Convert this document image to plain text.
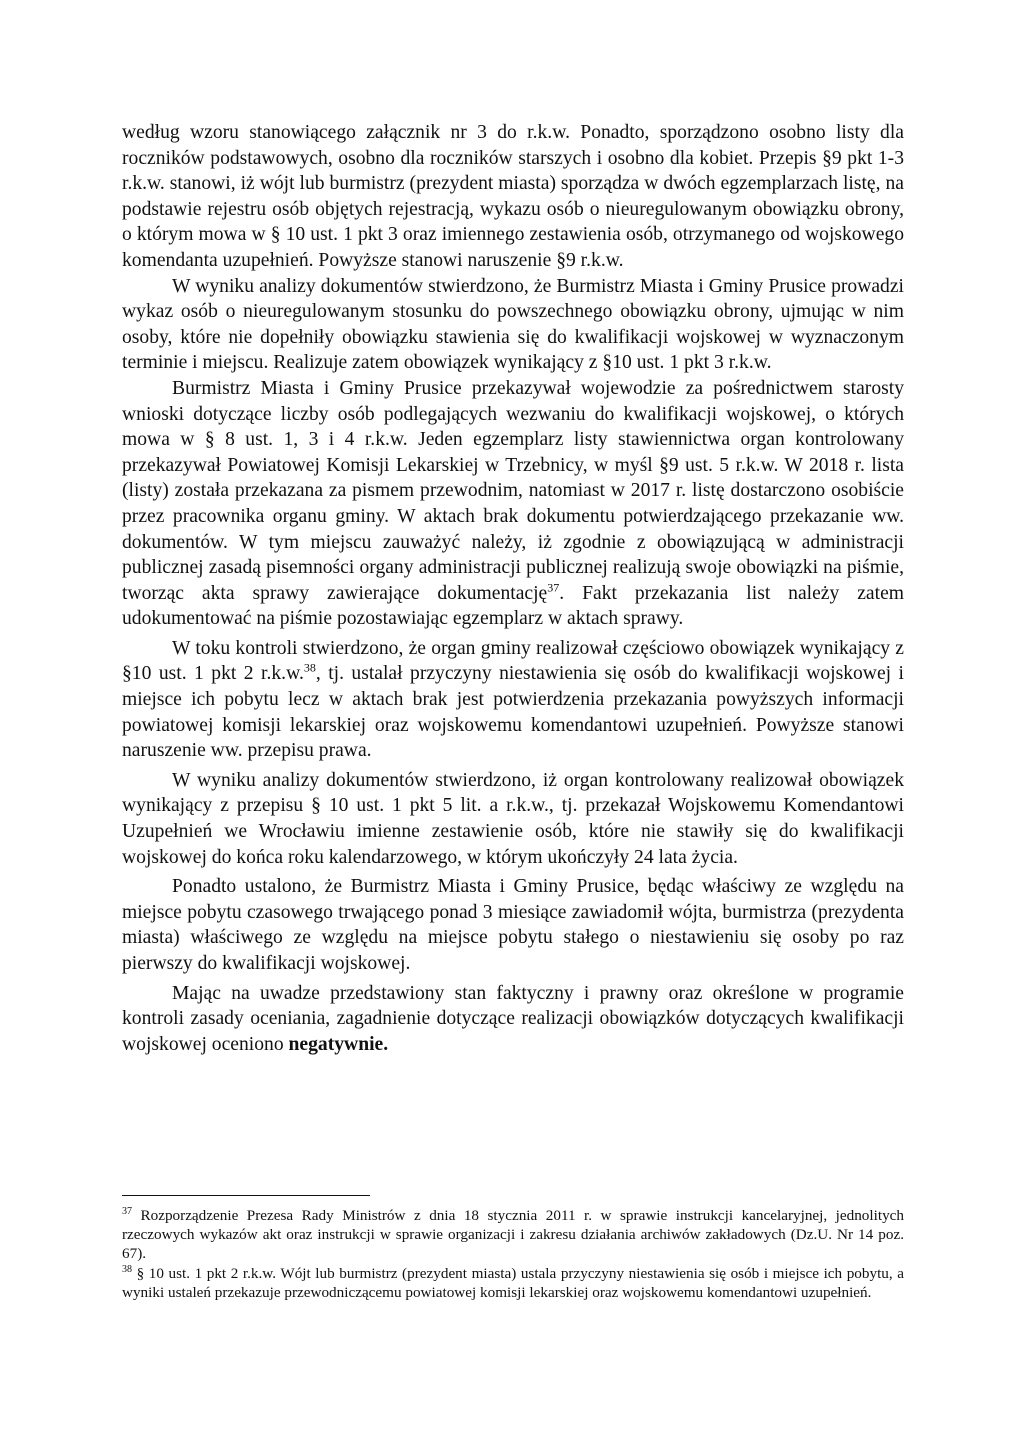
według wzoru stanowiącego załącznik nr 3 do r.k.w. Ponadto, sporządzono osobno listy dla roczników podstawowych, osobno dla roczników starszych i osobno dla kobiet. Przepis §9 pkt 1-3 r.k.w. stanowi, iż wójt lub burmistrz (prezydent miasta) sporządza w dwóch egzemplarzach listę, na podstawie rejestru osób objętych rejestracją, wykazu osób o nieuregulowanym obowiązku obrony, o którym mowa w § 10 ust. 1 pkt 3 oraz imiennego zestawienia osób, otrzymanego od wojskowego komendanta uzupełnień. Powyższe stanowi naruszenie §9 r.k.w.

W wyniku analizy dokumentów stwierdzono, że Burmistrz Miasta i Gminy Prusice prowadzi wykaz osób o nieuregulowanym stosunku do powszechnego obowiązku obrony, ujmując w nim osoby, które nie dopełniły obowiązku stawienia się do kwalifikacji wojskowej w wyznaczonym terminie i miejscu. Realizuje zatem obowiązek wynikający z §10 ust. 1 pkt 3 r.k.w.

Burmistrz Miasta i Gminy Prusice przekazywał wojewodzie za pośrednictwem starosty wnioski dotyczące liczby osób podlegających wezwaniu do kwalifikacji wojskowej, o których mowa w § 8 ust. 1, 3 i 4 r.k.w. Jeden egzemplarz listy stawiennictwa organ kontrolowany przekazywał Powiatowej Komisji Lekarskiej w Trzebnicy, w myśl §9 ust. 5 r.k.w. W 2018 r. lista (listy) została przekazana za pismem przewodnim, natomiast w 2017 r. listę dostarczono osobiście przez pracownika organu gminy. W aktach brak dokumentu potwierdzającego przekazanie ww. dokumentów. W tym miejscu zauważyć należy, iż zgodnie z obowiązującą w administracji publicznej zasadą pisemności organy administracji publicznej realizują swoje obowiązki na piśmie, tworząc akta sprawy zawierające dokumentację$^{37}$. Fakt przekazania list należy zatem udokumentować na piśmie pozostawiając egzemplarz w aktach sprawy.

W toku kontroli stwierdzono, że organ gminy realizował częściowo obowiązek wynikający z §10 ust. 1 pkt 2 r.k.w.$^{38}$, tj. ustalał przyczyny niestawienia się osób do kwalifikacji wojskowej i miejsce ich pobytu lecz w aktach brak jest potwierdzenia przekazania powyższych informacji powiatowej komisji lekarskiej oraz wojskowemu komendantowi uzupełnień. Powyższe stanowi naruszenie ww. przepisu prawa.

W wyniku analizy dokumentów stwierdzono, iż organ kontrolowany realizował obowiązek wynikający z przepisu § 10 ust. 1 pkt 5 lit. a r.k.w., tj. przekazał Wojskowemu Komendantowi Uzupełnień we Wrocławiu imienne zestawienie osób, które nie stawiły się do kwalifikacji wojskowej do końca roku kalendarzowego, w którym ukończyły 24 lata życia.

Ponadto ustalono, że Burmistrz Miasta i Gminy Prusice, będąc właściwy ze względu na miejsce pobytu czasowego trwającego ponad 3 miesiące zawiadomił wójta, burmistrza (prezydenta miasta) właściwego ze względu na miejsce pobytu stałego o niestawieniu się osoby po raz pierwszy do kwalifikacji wojskowej.

Mając na uwadze przedstawiony stan faktyczny i prawny oraz określone w programie kontroli zasady oceniania, zagadnienie dotyczące realizacji obowiązków dotyczących kwalifikacji wojskowej oceniono negatywnie.

$^{37}$ Rozporządzenie Prezesa Rady Ministrów z dnia 18 stycznia 2011 r. w sprawie instrukcji kancelaryjnej, jednolitych rzeczowych wykazów akt oraz instrukcji w sprawie organizacji i zakresu działania archiwów zakładowych (Dz.U. Nr 14 poz. 67).

$^{38}$ § 10 ust. 1 pkt 2 r.k.w. Wójt lub burmistrz (prezydent miasta) ustala przyczyny niestawienia się osób i miejsce ich pobytu, a wyniki ustaleń przekazuje przewodniczącemu powiatowej komisji lekarskiej oraz wojskowemu komendantowi uzupełnień.
